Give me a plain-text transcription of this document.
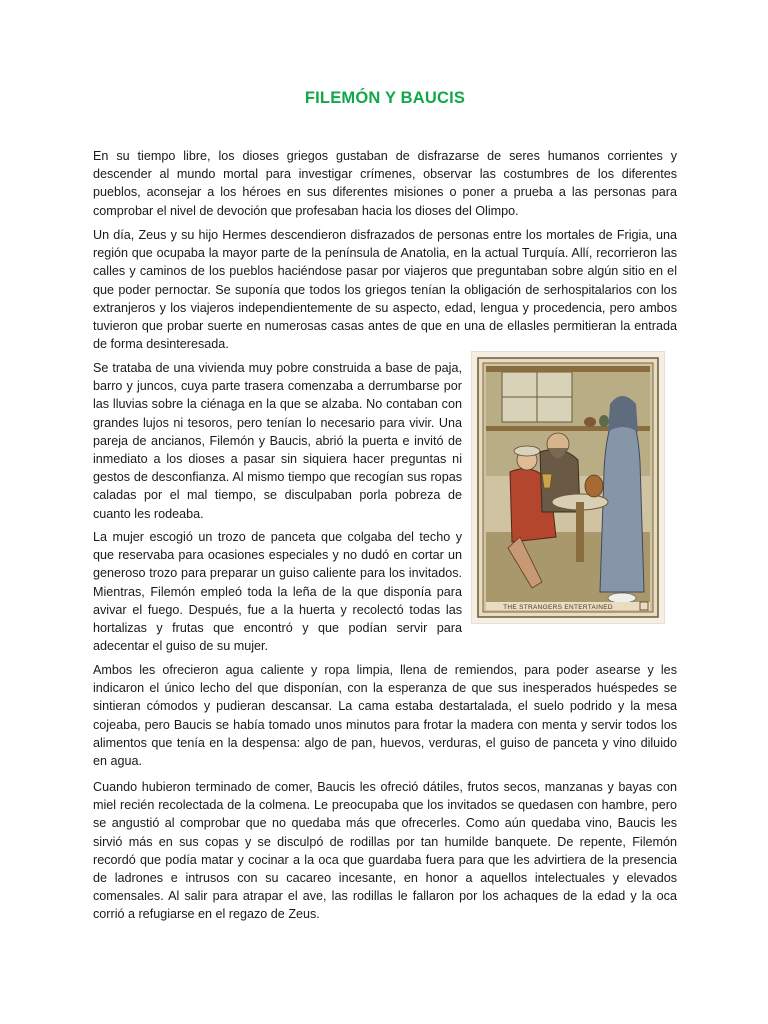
FILEMÓN Y BAUCIS

En su tiempo libre, los dioses griegos gustaban de disfrazarse de seres humanos corrientes y descender al mundo mortal para investigar crímenes, observar las costumbres de los diferentes pueblos, aconsejar a los héroes en sus diferentes misiones o poner a prueba a las personas para comprobar el nivel de devoción que profesaban hacia los dioses del Olimpo.

Un día, Zeus y su hijo Hermes descendieron disfrazados de personas entre los mortales de Frigia, una región que ocupaba la mayor parte de la península de Anatolia, en la actual Turquía. Allí, recorrieron las calles y caminos de los pueblos haciéndose pasar por viajeros que preguntaban sobre algún sitio en el que poder pernoctar. Se suponía que todos los griegos tenían la obligación de serhospitalarios con los extranjeros y los viajeros independientemente de su aspecto, edad, lengua y procedencia, pero ambos tuvieron que probar suerte en numerosas casas antes de que en una de ellasles permitieran la entrada de forma desinteresada.

Se trataba de una vivienda muy pobre construida a base de paja, barro y juncos, cuya parte trasera comenzaba a derrumbarse por las lluvias sobre la ciénaga en la que se alzaba. No contaban con grandes lujos ni tesoros, pero tenían lo necesario para vivir. Una pareja de ancianos, Filemón y Baucis, abrió la puerta e invitó de inmediato a los dioses a pasar sin siquiera hacer preguntas ni gestos de desconfianza. Al mismo tiempo que recogían sus ropas caladas por el mal tiempo, se disculpaban porla pobreza de cuanto les rodeaba.

La mujer escogió un trozo de panceta que colgaba del techo y que reservaba para ocasiones especiales y no dudó en cortar un generoso trozo para preparar un guiso caliente para los invitados. Mientras, Filemón empleó toda la leña de la que disponía para avivar el fuego. Después, fue a la huerta y recolectó todas las hortalizas y frutas que encontró y que podían servir para adecentar el guiso de su mujer.

Ambos les ofrecieron agua caliente y ropa limpia, llena de remiendos, para poder asearse y les indicaron el único lecho del que disponían, con la esperanza de que sus inesperados huéspedes se sintieran cómodos y pudieran descansar. La cama estaba destartalada, el suelo podrido y la mesa cojeaba, pero Baucis se había tomado unos minutos para frotar la madera con menta y servir todos los alimentos que tenía en la despensa: algo de pan, huevos, verduras, el guiso de panceta y vino diluido en agua.

Cuando hubieron terminado de comer, Baucis les ofreció dátiles, frutos secos, manzanas y bayas con miel recién recolectada de la colmena. Le preocupaba que los invitados se quedasen con hambre, pero se angustió al comprobar que no quedaba más que ofrecerles. Como aún quedaba vino, Baucis les sirvió más en sus copas y se disculpó de rodillas por tan humilde banquete. De repente, Filemón recordó que podía matar y cocinar a la oca que guardaba fuera para que les advirtiera de la presencia de ladrones e intrusos con su cacareo incesante, en honor a aquellos intelectuales y elevados comensales. Al salir para atrapar el ave, las rodillas le fallaron por los achaques de la edad y la oca corrió a refugiarse en el regazo de Zeus.

THE STRANGERS ENTERTAINED
